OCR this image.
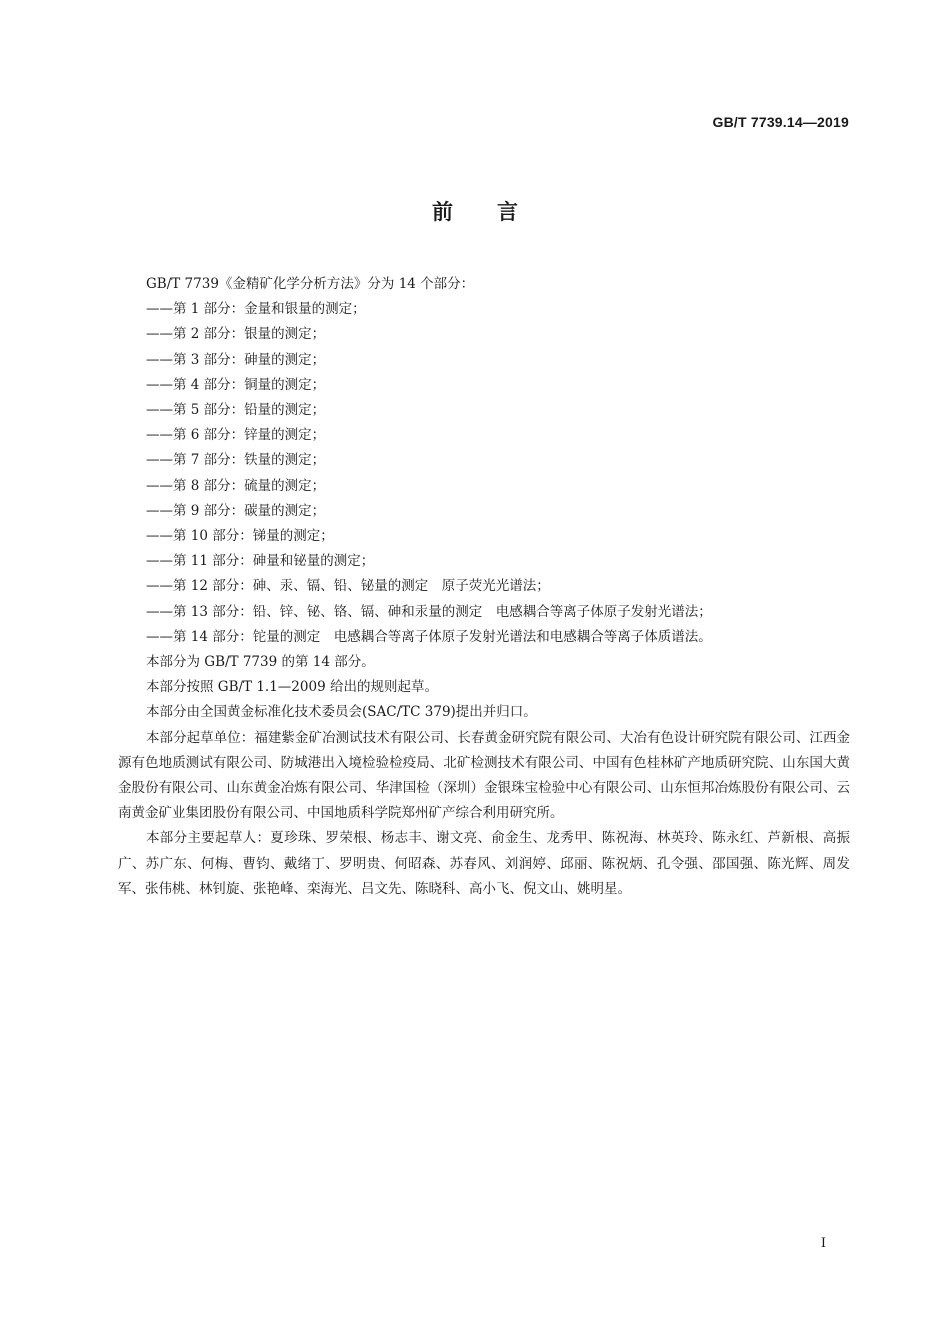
GB/T 7739.14—2019
前言

GB/T 7739《金精矿化学分析方法》分为 14 个部分：

——第 1 部分：金量和银量的测定；

——第 2 部分：银量的测定；

——第 3 部分：砷量的测定；

——第 4 部分：铜量的测定；

——第 5 部分：铅量的测定；

——第 6 部分：锌量的测定；

——第 7 部分：铁量的测定；

——第 8 部分：硫量的测定；

——第 9 部分：碳量的测定；

——第 10 部分：锑量的测定；

——第 11 部分：砷量和铋量的测定；

——第 12 部分：砷、汞、镉、铅、铋量的测定　原子荧光光谱法；

——第 13 部分：铅、锌、铋、铬、镉、砷和汞量的测定　电感耦合等离子体原子发射光谱法；

——第 14 部分：铊量的测定　电感耦合等离子体原子发射光谱法和电感耦合等离子体质谱法。

本部分为 GB/T 7739 的第 14 部分。

本部分按照 GB/T 1.1—2009 给出的规则起草。

本部分由全国黄金标准化技术委员会(SAC/TC 379)提出并归口。

本部分起草单位：福建紫金矿冶测试技术有限公司、长春黄金研究院有限公司、大冶有色设计研究院有限公司、江西金源有色地质测试有限公司、防城港出入境检验检疫局、北矿检测技术有限公司、中国有色桂林矿产地质研究院、山东国大黄金股份有限公司、山东黄金冶炼有限公司、华津国检（深圳）金银珠宝检验中心有限公司、山东恒邦冶炼股份有限公司、云南黄金矿业集团股份有限公司、中国地质科学院郑州矿产综合利用研究所。

本部分主要起草人：夏珍珠、罗荣根、杨志丰、谢文亮、俞金生、龙秀甲、陈祝海、林英玲、陈永红、芦新根、高振广、苏广东、何梅、曹钧、戴绪丁、罗明贵、何昭森、苏春风、刘润婷、邱丽、陈祝炳、孔令强、邵国强、陈光辉、周发军、张伟桃、林钊旋、张艳峰、栾海光、吕文先、陈晓科、高小飞、倪文山、姚明星。

I
